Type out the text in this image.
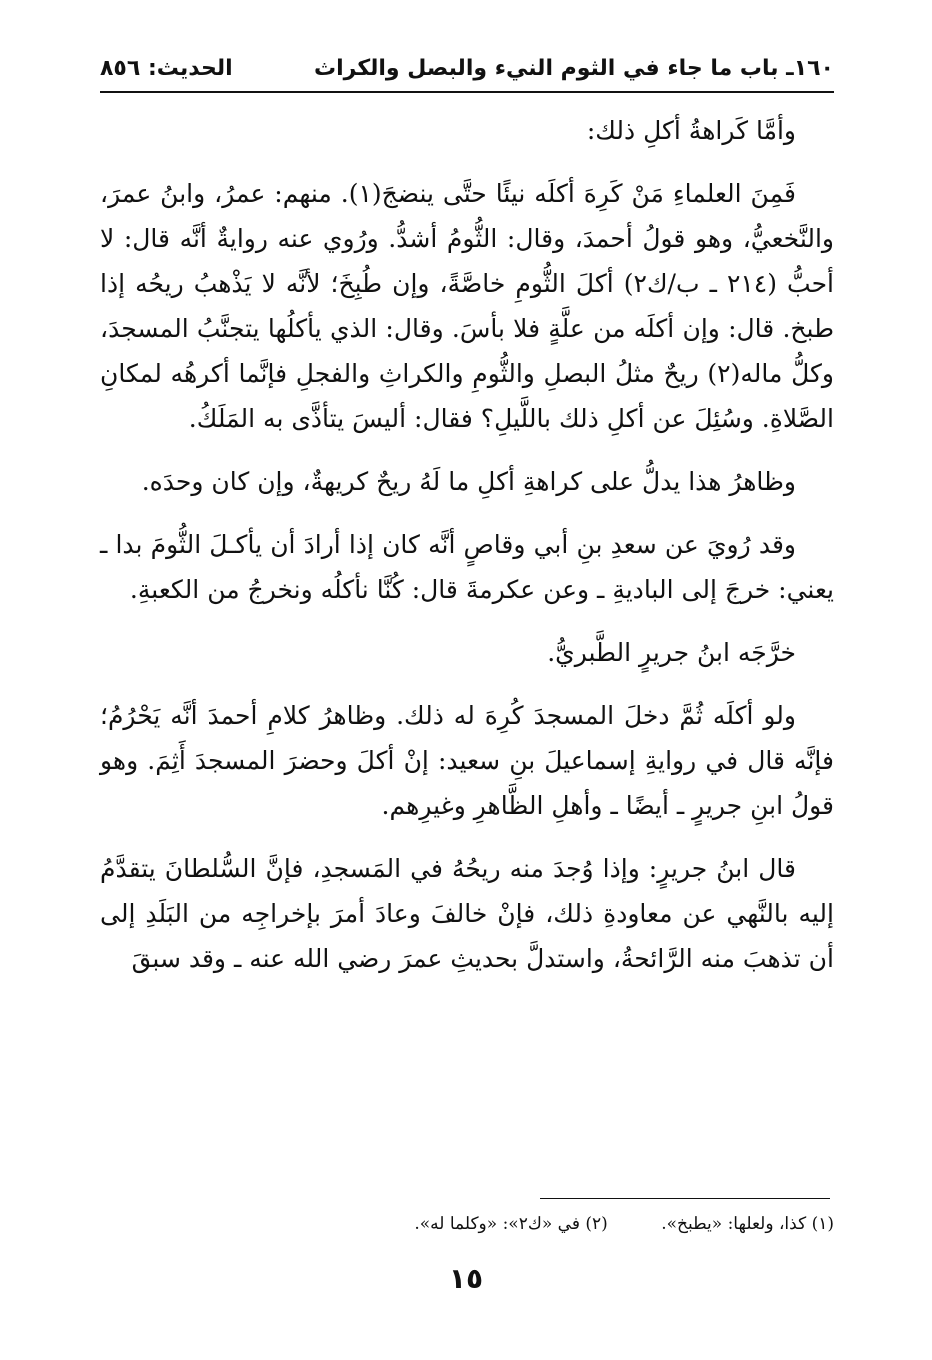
١٦٠ـ باب ما جاء في الثوم النيء والبصل والكراث
الحديث: ٨٥٦

وأمَّا كَراهةُ أكلِ ذلك:

فَمِنَ العلماءِ مَنْ كَرِهَ أكلَه نيئًا حتَّى ينضجَ(١). منهم: عمرُ، وابنُ عمرَ، والنَّخعيُّ، وهو قولُ أحمدَ، وقال: الثُّومُ أشدُّ. ورُوي عنه روايةٌ أنَّه قال: لا أحبُّ (٢١٤ ـ ب/ك٢) أكلَ الثُّومِ خاصَّةً، وإن طُبِخَ؛ لأنَّه لا يَذْهبُ ريحُه إذا طبخ. قال: وإن أكلَه من علَّةٍ فلا بأسَ. وقال: الذي يأكلُها يتجنَّبُ المسجدَ، وكلُّ ماله(٢) ريحٌ مثلُ البصلِ والثُّومِ والكراثِ والفجلِ فإنَّما أكرهُه لمكانِ الصَّلاةِ. وسُئِلَ عن أكلِ ذلك باللَّيلِ؟ فقال: أليسَ يتأذَّى به المَلَكُ.

وظاهرُ هذا يدلُّ على كراهةِ أكلِ ما لَهُ ريحٌ كريهةٌ، وإن كان وحدَه.

وقد رُويَ عن سعدِ بنِ أبي وقاصٍ أنَّه كان إذا أرادَ أن يأكـلَ الثُّومَ بدا ـ يعني: خرجَ إلى الباديةِ ـ وعن عكرمةَ قال: كُنَّا نأكلُه ونخرجُ من الكعبةِ.

خرَّجَه ابنُ جريرٍ الطَّبريُّ.

ولو أكلَه ثُمَّ دخلَ المسجدَ كُرِهَ له ذلك. وظاهرُ كلامِ أحمدَ أنَّه يَحْرُمُ؛ فإنَّه قال في روايةِ إسماعيلَ بنِ سعيد: إنْ أكلَ وحضرَ المسجدَ أَثِمَ. وهو قولُ ابنِ جريرٍ ـ أيضًا ـ وأهلِ الظَّاهرِ وغيرِهم.

قال ابنُ جريرٍ: وإذا وُجدَ منه ريحُهُ في المَسجدِ، فإنَّ السُّلطانَ يتقدَّمُ إليه بالنَّهي عن معاودةِ ذلك، فإنْ خالفَ وعادَ أمرَ بإخراجِه من البَلَدِ إلى أن تذهبَ منه الرَّائحةُ، واستدلَّ بحديثِ عمرَ رضي الله عنه ـ وقد سبقَ

(١) كذا، ولعلها: «يطبخ». (٢) في «ك٢»: «وكلما له».
١٥
